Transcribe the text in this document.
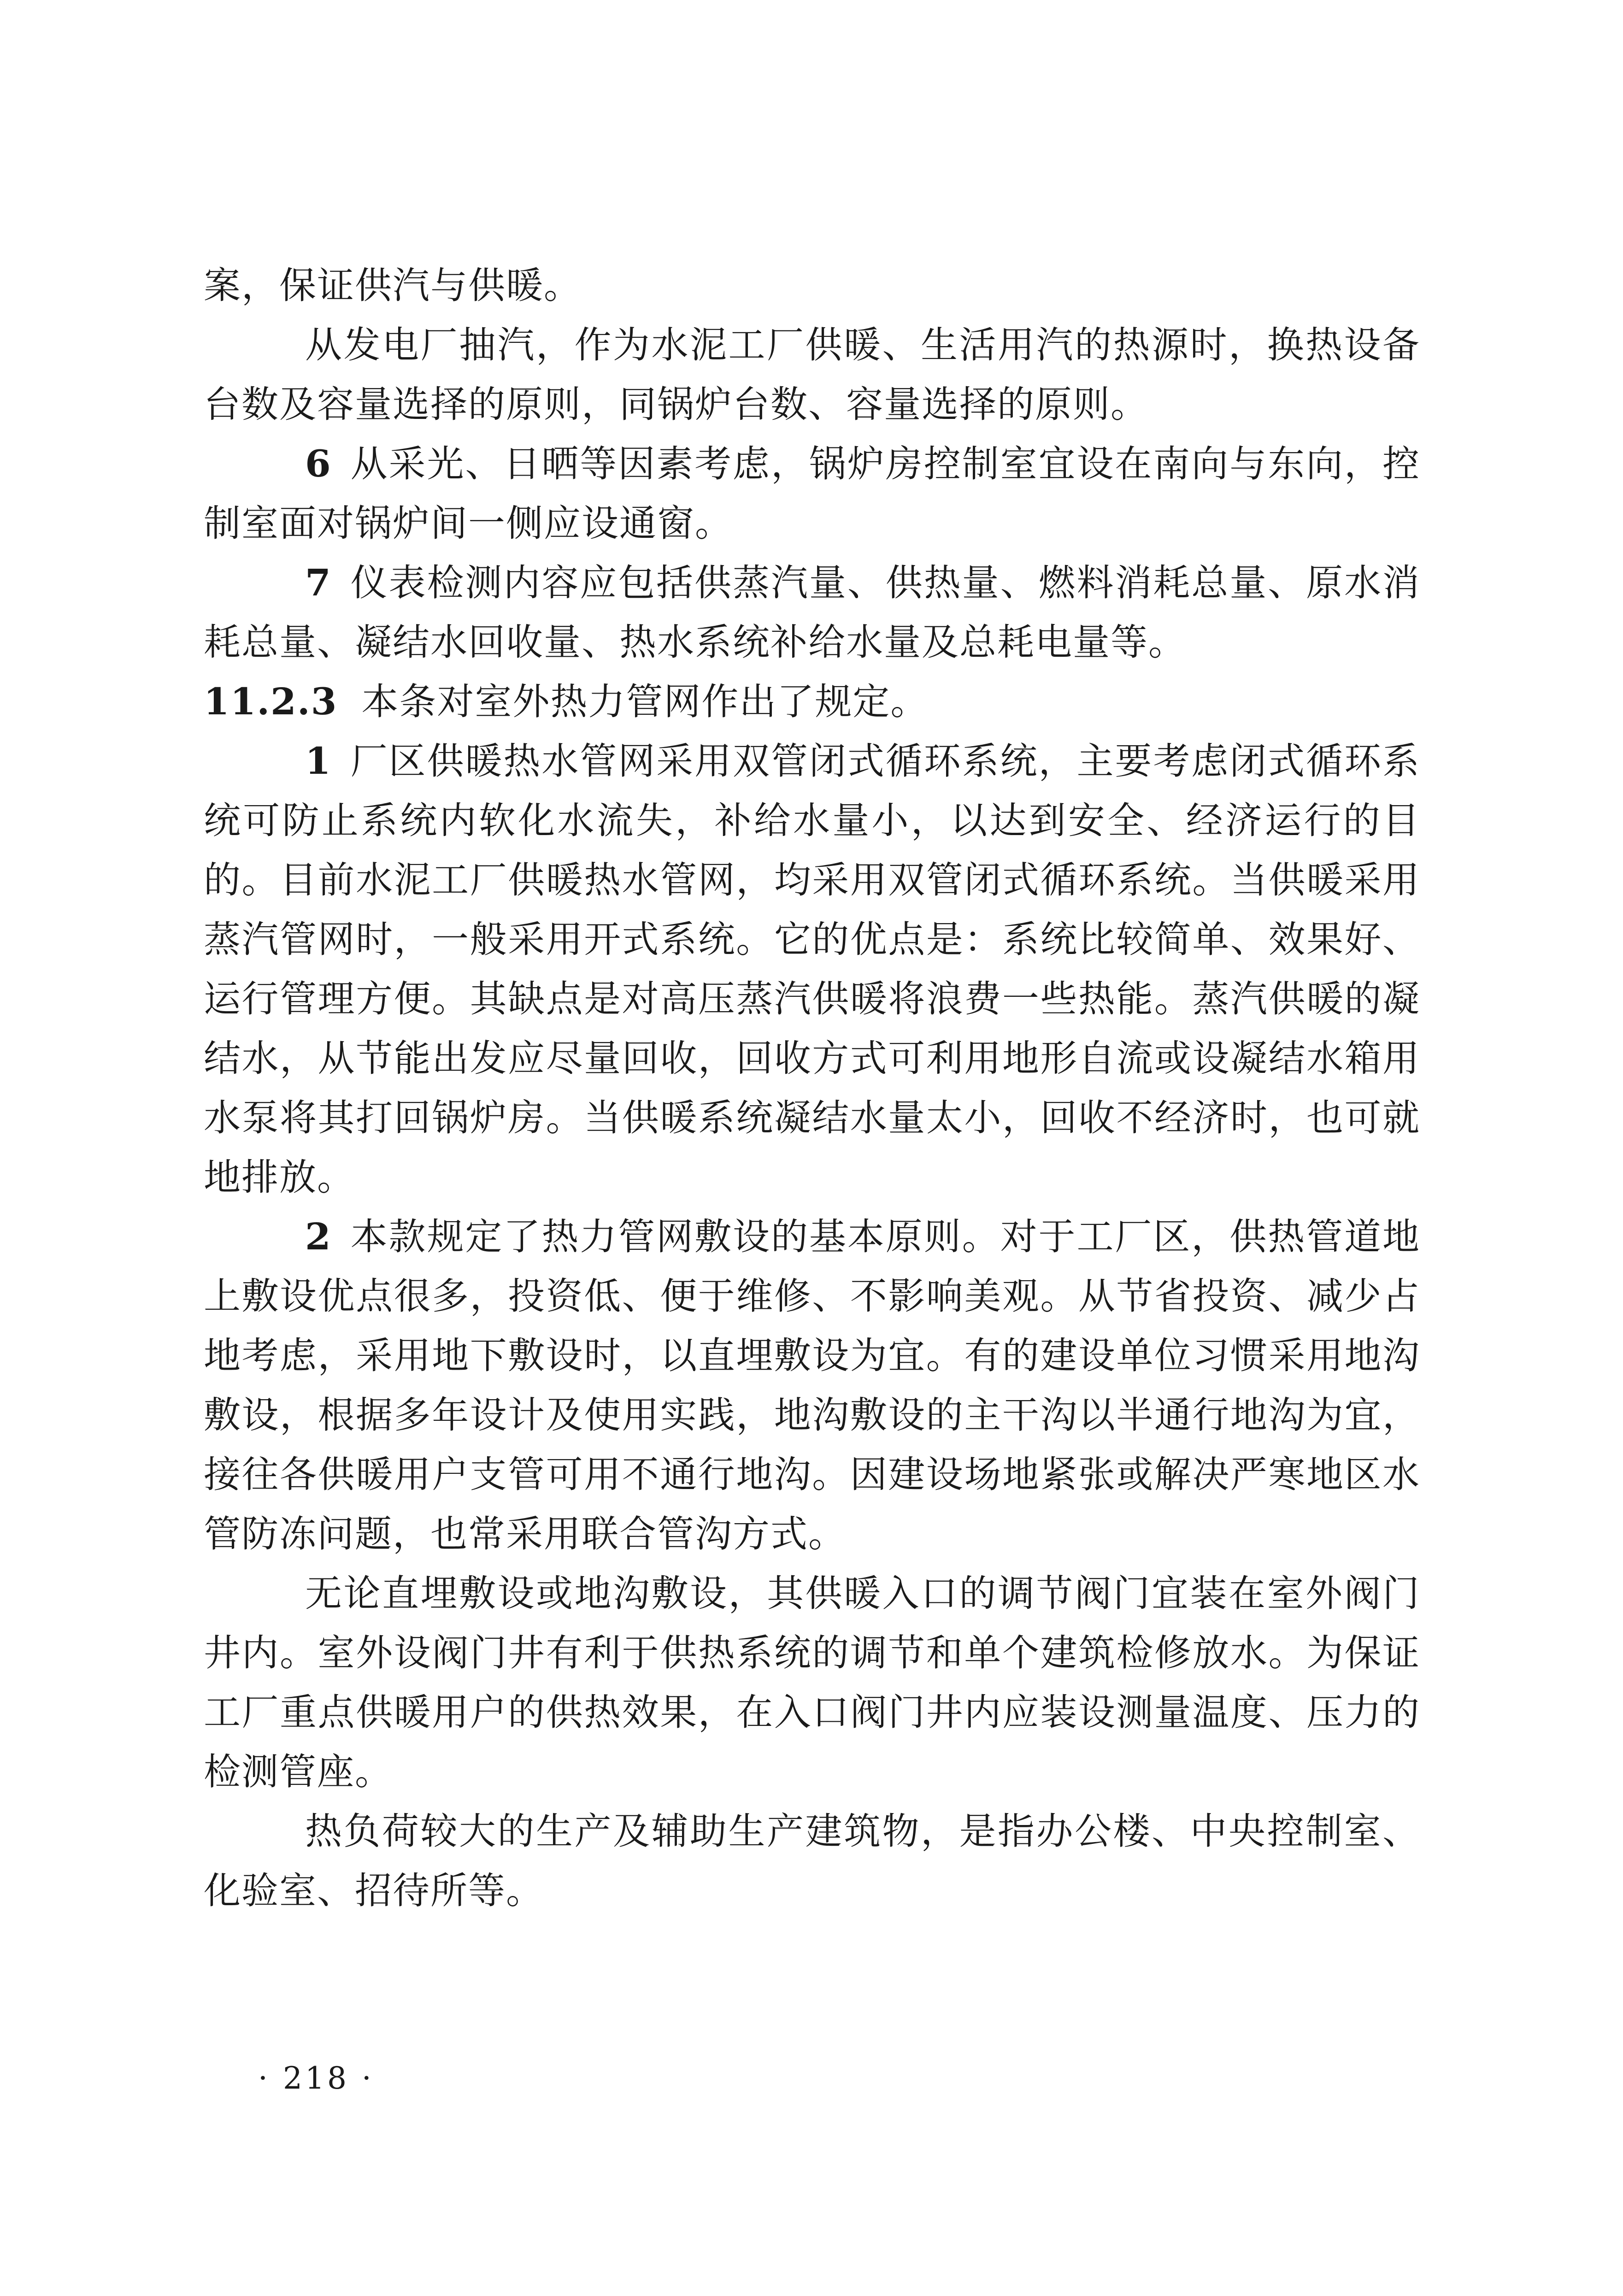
案，保证供汽与供暖。

从发电厂抽汽，作为水泥工厂供暖、生活用汽的热源时，换热设备台数及容量选择的原则，同锅炉台数、容量选择的原则。

6 从采光、日晒等因素考虑，锅炉房控制室宜设在南向与东向，控制室面对锅炉间一侧应设通窗。

7 仪表检测内容应包括供蒸汽量、供热量、燃料消耗总量、原水消耗总量、凝结水回收量、热水系统补给水量及总耗电量等。

11.2.3 本条对室外热力管网作出了规定。

1 厂区供暖热水管网采用双管闭式循环系统，主要考虑闭式循环系统可防止系统内软化水流失，补给水量小，以达到安全、经济运行的目的。目前水泥工厂供暖热水管网，均采用双管闭式循环系统。当供暖采用蒸汽管网时，一般采用开式系统。它的优点是：系统比较简单、效果好、运行管理方便。其缺点是对高压蒸汽供暖将浪费一些热能。蒸汽供暖的凝结水，从节能出发应尽量回收，回收方式可利用地形自流或设凝结水箱用水泵将其打回锅炉房。当供暖系统凝结水量太小，回收不经济时，也可就地排放。

2 本款规定了热力管网敷设的基本原则。对于工厂区，供热管道地上敷设优点很多，投资低、便于维修、不影响美观。从节省投资、减少占地考虑，采用地下敷设时，以直埋敷设为宜。有的建设单位习惯采用地沟敷设，根据多年设计及使用实践，地沟敷设的主干沟以半通行地沟为宜，接往各供暖用户支管可用不通行地沟。因建设场地紧张或解决严寒地区水管防冻问题，也常采用联合管沟方式。

无论直埋敷设或地沟敷设，其供暖入口的调节阀门宜装在室外阀门井内。室外设阀门井有利于供热系统的调节和单个建筑检修放水。为保证工厂重点供暖用户的供热效果，在入口阀门井内应装设测量温度、压力的检测管座。

热负荷较大的生产及辅助生产建筑物，是指办公楼、中央控制室、化验室、招待所等。

· 218 ·
